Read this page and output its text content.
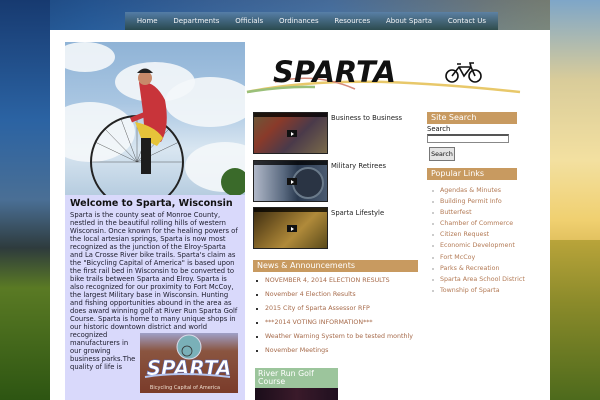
Home Departments Officials Ordinances Resources About Sparta Contact Us
Welcome to Sparta, Wisconsin

Sparta is the county seat of Monroe County, nestled in the beautiful rolling hills of western Wisconsin. Once known for the healing powers of the local artesian springs, Sparta is now most recognized as the junction of the Elroy-Sparta and La Crosse River bike trails. Sparta's claim as the "Bicycling Capital of America" is based upon the first rail bed in Wisconsin to be converted to bike trails between Sparta and Elroy. Sparta is also recognized for our proximity to Fort McCoy, the largest Military base in Wisconsin. Hunting and fishing opportunities abound in the area as does award winning golf at River Run Sparta Golf Course. Sparta is home to many unique shops in our historic downtown
SPARTA
Bicycling Capital of America
district and world recognized manufacturers in our growing business parks.The quality of life is

SPARTA
Business to Business
Military Retirees
Sparta Lifestyle
News & Announcements
NOVEMBER 4, 2014 ELECTION RESULTS
November 4 Election Results
2015 City of Sparta Assessor RFP
***2014 VOTING INFORMATION***
Weather Warning System to be tested monthly
November Meetings
River Run Golf Course
Site Search
Search
Search
Popular Links
Agendas & Minutes
Building Permit Info
Butterfest
Chamber of Commerce
Citizen Request
Economic Development
Fort McCoy
Parks & Recreation
Sparta Area School District
Township of Sparta
